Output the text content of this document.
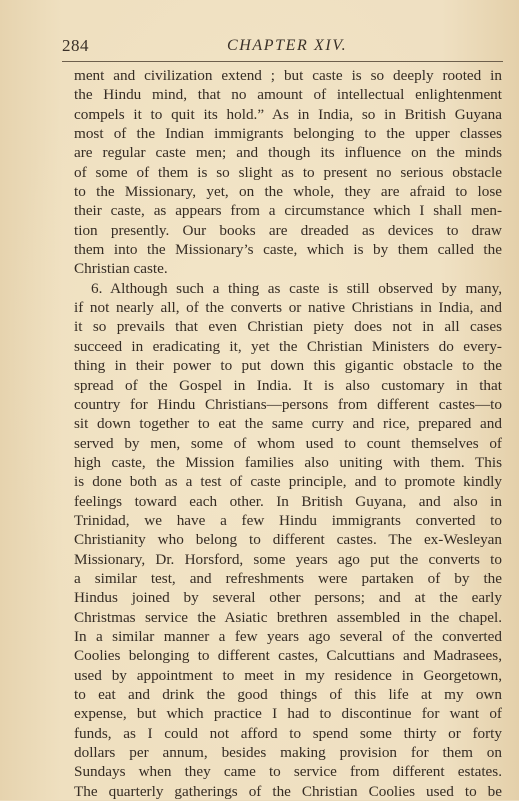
284	CHAPTER XIV.
ment and civilization extend ; but caste is so deeply rooted in
the Hindu mind, that no amount of intellectual enlightenment
compels it to quit its hold.” As in India, so in British Guyana
most of the Indian immigrants belonging to the upper classes
are regular caste men; and though its influence on the minds
of some of them is so slight as to present no serious obstacle
to the Missionary, yet, on the whole, they are afraid to lose
their caste, as appears from a circumstance which I shall men-
tion presently. Our books are dreaded as devices to draw
them into the Missionary’s caste, which is by them called the
Christian caste.
6. Although such a thing as caste is still observed by many,
if not nearly all, of the converts or native Christians in India, and
it so prevails that even Christian piety does not in all cases
succeed in eradicating it, yet the Christian Ministers do every-
thing in their power to put down this gigantic obstacle to the
spread of the Gospel in India. It is also customary in that
country for Hindu Christians—persons from different castes—to
sit down together to eat the same curry and rice, prepared and
served by men, some of whom used to count themselves of
high caste, the Mission families also uniting with them. This
is done both as a test of caste principle, and to promote kindly
feelings toward each other. In British Guyana, and also in
Trinidad, we have a few Hindu immigrants converted to
Christianity who belong to different castes. The ex-Wesleyan
Missionary, Dr. Horsford, some years ago put the converts to
a similar test, and refreshments were partaken of by the
Hindus joined by several other persons; and at the early
Christmas service the Asiatic brethren assembled in the chapel.
In a similar manner a few years ago several of the converted
Coolies belonging to different castes, Calcuttians and Madrasees,
used by appointment to meet in my residence in Georgetown,
to eat and drink the good things of this life at my own
expense, but which practice I had to discontinue for want of
funds, as I could not afford to spend some thirty or forty
dollars per annum, besides making provision for them on
Sundays when they came to service from different estates.
The quarterly gatherings of the Christian Coolies used to be
